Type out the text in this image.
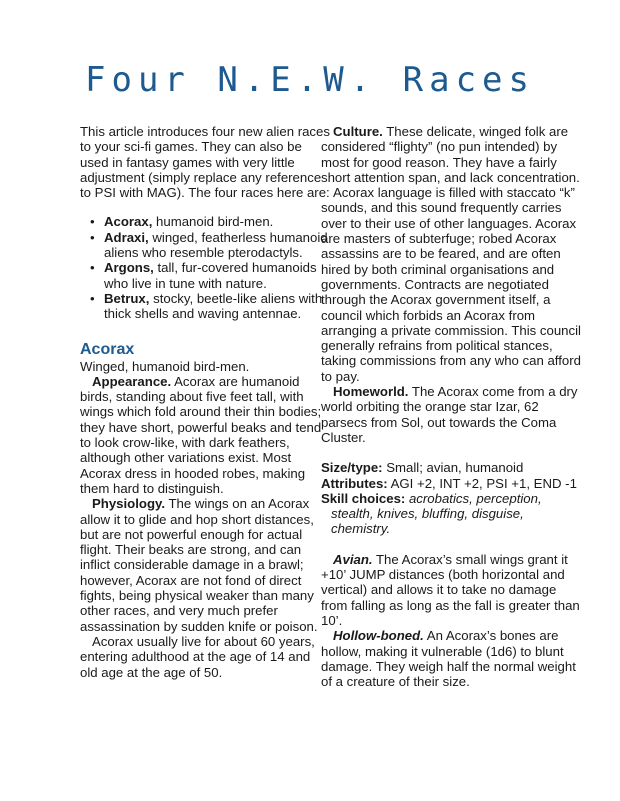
Four N.E.W. Races

This article introduces four new alien races to your sci-fi games. They can also be used in fantasy games with very little adjustment (simply replace any reference to PSI with MAG). The four races here are:

• Acorax, humanoid bird-men.
• Adraxi, winged, featherless humanoid aliens who resemble pterodactyls.
• Argons, tall, fur-covered humanoids who live in tune with nature.
• Betrux, stocky, beetle-like aliens with thick shells and waving antennae.
Acorax

Winged, humanoid bird-men.

Appearance. Acorax are humanoid birds, standing about five feet tall, with wings which fold around their thin bodies; they have short, powerful beaks and tend to look crow-like, with dark feathers, although other variations exist. Most Acorax dress in hooded robes, making them hard to distinguish.

Physiology. The wings on an Acorax allow it to glide and hop short distances, but are not powerful enough for actual flight. Their beaks are strong, and can inflict considerable damage in a brawl; however, Acorax are not fond of direct fights, being physical weaker than many other races, and very much prefer assassination by sudden knife or poison.

Acorax usually live for about 60 years, entering adulthood at the age of 14 and old age at the age of 50.

Culture. These delicate, winged folk are considered “flighty” (no pun intended) by most for good reason. They have a fairly short attention span, and lack concentration.

Acorax language is filled with staccato “k” sounds, and this sound frequently carries over to their use of other languages. Acorax are masters of subterfuge; robed Acorax assassins are to be feared, and are often hired by both criminal organisations and governments. Contracts are negotiated through the Acorax government itself, a council which forbids an Acorax from arranging a private commission. This council generally refrains from political stances, taking commissions from any who can afford to pay.

Homeworld. The Acorax come from a dry world orbiting the orange star Izar, 62 parsecs from Sol, out towards the Coma Cluster.

Size/type: Small; avian, humanoid

Attributes: AGI +2, INT +2, PSI +1, END -1

Skill choices: acrobatics, perception, stealth, knives, bluffing, disguise, chemistry.

Avian. The Acorax’s small wings grant it +10’ JUMP distances (both horizontal and vertical) and allows it to take no damage from falling as long as the fall is greater than 10’.

Hollow-boned. An Acorax’s bones are hollow, making it vulnerable (1d6) to blunt damage. They weigh half the normal weight of a creature of their size.
